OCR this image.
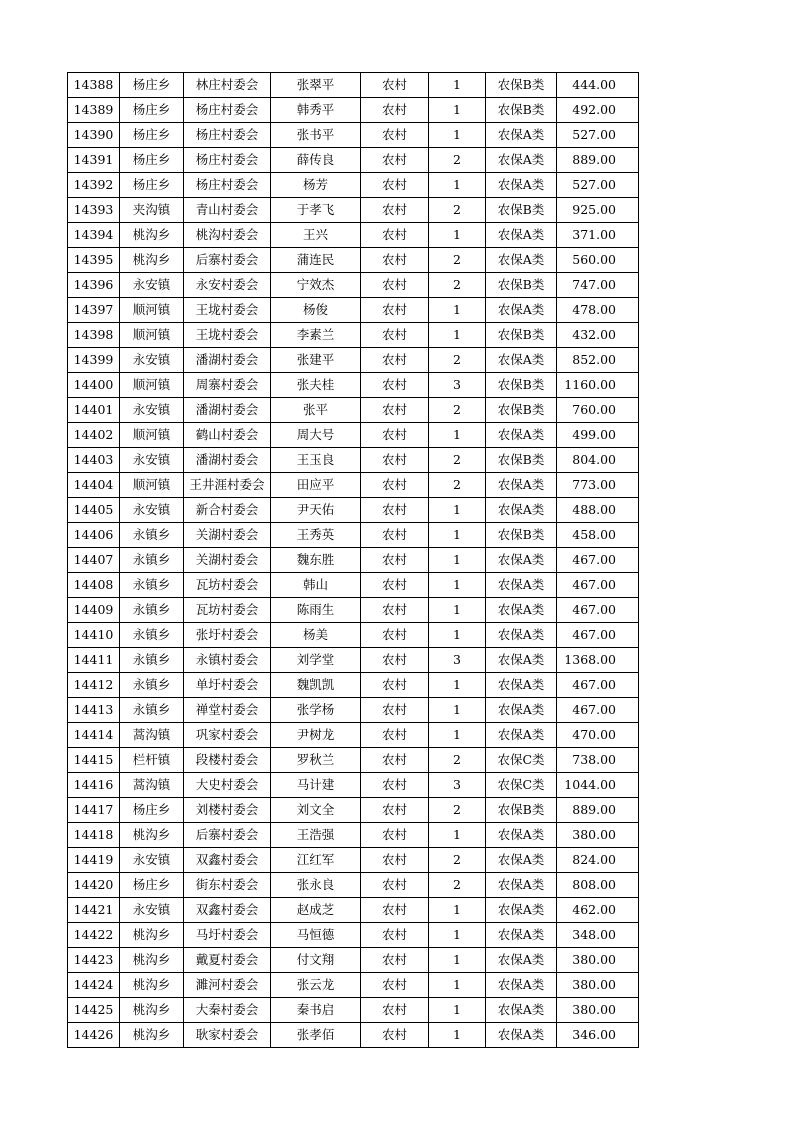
14388	杨庄乡	林庄村委会	张翠平	农村	1	农保B类	444.00
14389	杨庄乡	杨庄村委会	韩秀平	农村	1	农保B类	492.00
14390	杨庄乡	杨庄村委会	张书平	农村	1	农保A类	527.00
14391	杨庄乡	杨庄村委会	薛传良	农村	2	农保A类	889.00
14392	杨庄乡	杨庄村委会	杨芳	农村	1	农保A类	527.00
14393	夹沟镇	青山村委会	于孝飞	农村	2	农保B类	925.00
14394	桃沟乡	桃沟村委会	王兴	农村	1	农保A类	371.00
14395	桃沟乡	后寨村委会	蒲连民	农村	2	农保A类	560.00
14396	永安镇	永安村委会	宁效杰	农村	2	农保B类	747.00
14397	顺河镇	王垅村委会	杨俊	农村	1	农保A类	478.00
14398	顺河镇	王垅村委会	李素兰	农村	1	农保B类	432.00
14399	永安镇	潘湖村委会	张建平	农村	2	农保A类	852.00
14400	顺河镇	周寨村委会	张夫桂	农村	3	农保B类	1160.00
14401	永安镇	潘湖村委会	张平	农村	2	农保B类	760.00
14402	顺河镇	鹤山村委会	周大号	农村	1	农保A类	499.00
14403	永安镇	潘湖村委会	王玉良	农村	2	农保B类	804.00
14404	顺河镇	王井涯村委会	田应平	农村	2	农保A类	773.00
14405	永安镇	新合村委会	尹天佑	农村	1	农保A类	488.00
14406	永镇乡	关湖村委会	王秀英	农村	1	农保B类	458.00
14407	永镇乡	关湖村委会	魏东胜	农村	1	农保A类	467.00
14408	永镇乡	瓦坊村委会	韩山	农村	1	农保A类	467.00
14409	永镇乡	瓦坊村委会	陈雨生	农村	1	农保A类	467.00
14410	永镇乡	张圩村委会	杨美	农村	1	农保A类	467.00
14411	永镇乡	永镇村委会	刘学堂	农村	3	农保A类	1368.00
14412	永镇乡	单圩村委会	魏凯凯	农村	1	农保A类	467.00
14413	永镇乡	禅堂村委会	张学杨	农村	1	农保A类	467.00
14414	蒿沟镇	巩家村委会	尹树龙	农村	1	农保A类	470.00
14415	栏杆镇	段楼村委会	罗秋兰	农村	2	农保C类	738.00
14416	蒿沟镇	大史村委会	马计建	农村	3	农保C类	1044.00
14417	杨庄乡	刘楼村委会	刘文全	农村	2	农保B类	889.00
14418	桃沟乡	后寨村委会	王浩强	农村	1	农保A类	380.00
14419	永安镇	双鑫村委会	江红军	农村	2	农保A类	824.00
14420	杨庄乡	街东村委会	张永良	农村	2	农保A类	808.00
14421	永安镇	双鑫村委会	赵成芝	农村	1	农保A类	462.00
14422	桃沟乡	马圩村委会	马恒德	农村	1	农保A类	348.00
14423	桃沟乡	戴夏村委会	付文翔	农村	1	农保A类	380.00
14424	桃沟乡	濉河村委会	张云龙	农村	1	农保A类	380.00
14425	桃沟乡	大秦村委会	秦书启	农村	1	农保A类	380.00
14426	桃沟乡	耿家村委会	张孝佰	农村	1	农保A类	346.00
